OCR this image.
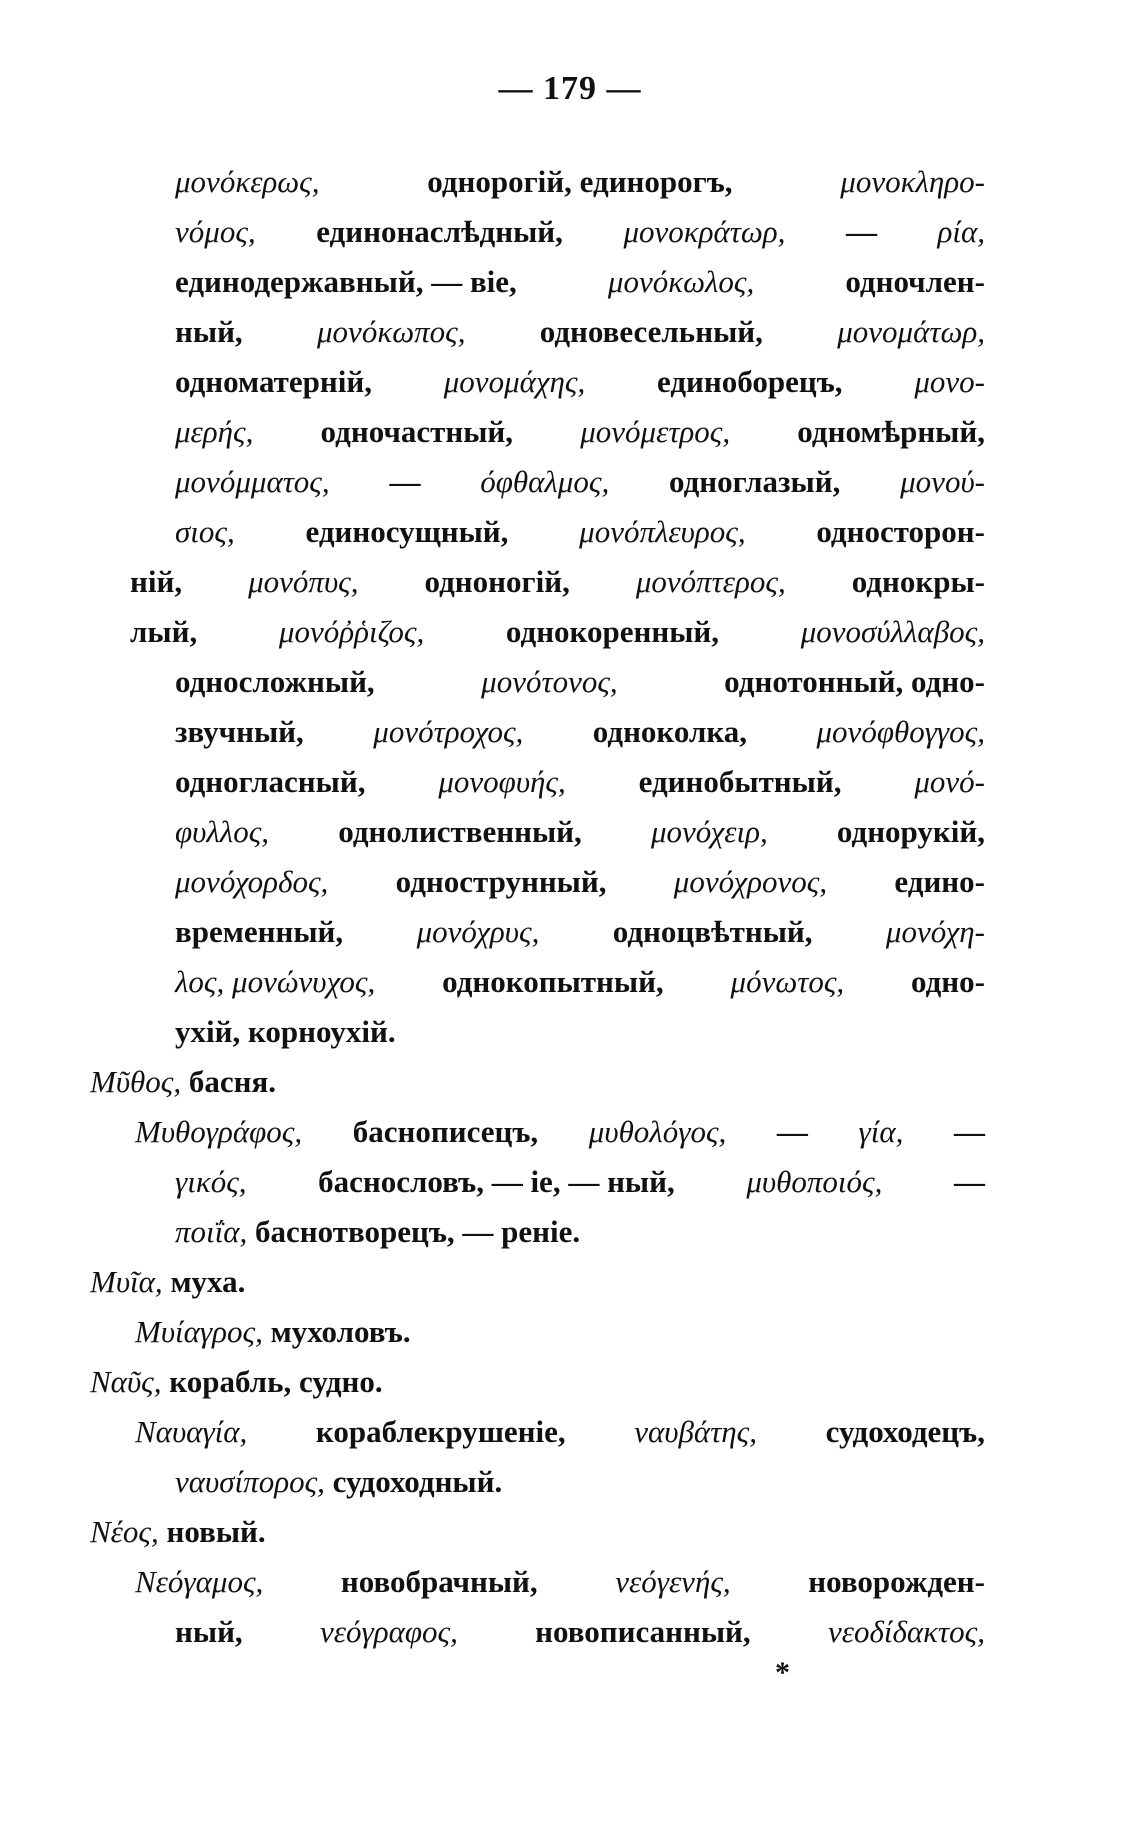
— 179 —
μονόκερως,	однорогій, единорогъ,	μονοκληρο-
νόμος, единонаслѣдный, μονοκράτωρ, — ρία,
единодержавный, — віе,	μονόκωλος,	одночлен-
ный, μονόκωπος, одновесельный, μονομάτωρ,
одноматерній, μονομάχης, единоборецъ, μονο-
μερής, одночастный, μονόμετρος, одномѣрный,
μονόμματος, — όφθαλμος, одноглазый, μονού-
σιος, единосущный, μονόπλευρος, односторон-
ній, μονόπυς, одноногій, μονόπτερος, однокры-
лый, μονόῤῥιζος, однокоренный, μονοσύλλαβος,
односложный,	μονότονος,	однотонный, одно-
звучный, μονότροχος, одноколка, μονόφθογγος,
одногласный, μονοφυής, единобытный, μονό-
φυλλος, однолиственный, μονόχειρ, однорукій,
μονόχορδος, однострунный, μονόχρονος, едино-
временный, μονόχρυς, одноцвѣтный, μονόχη-
λος, μονώνυχος, однокопытный, μόνωτος, одно-
ухій, корноухій.
Μῦθος, басня.
Μυθογράφος, баснописецъ, μυθολόγος, — γία, —
γικός, баснословъ, — іе, — ный, μυθοποιός, —
ποιΐα, баснотворецъ, — реніе.
Μυῖα, муха.
Μυίαγρος, мухоловъ.
Ναῦς, корабль, судно.
Ναυαγία, кораблекрушеніе, ναυβάτης, судоходецъ,
ναυσίπορος, судоходный.
Νέος, новый.
Νεόγαμος, новобрачный, νεόγενής, новорожден-
ный, νεόγραφος, новописанный, νεοδίδακτος,
*
